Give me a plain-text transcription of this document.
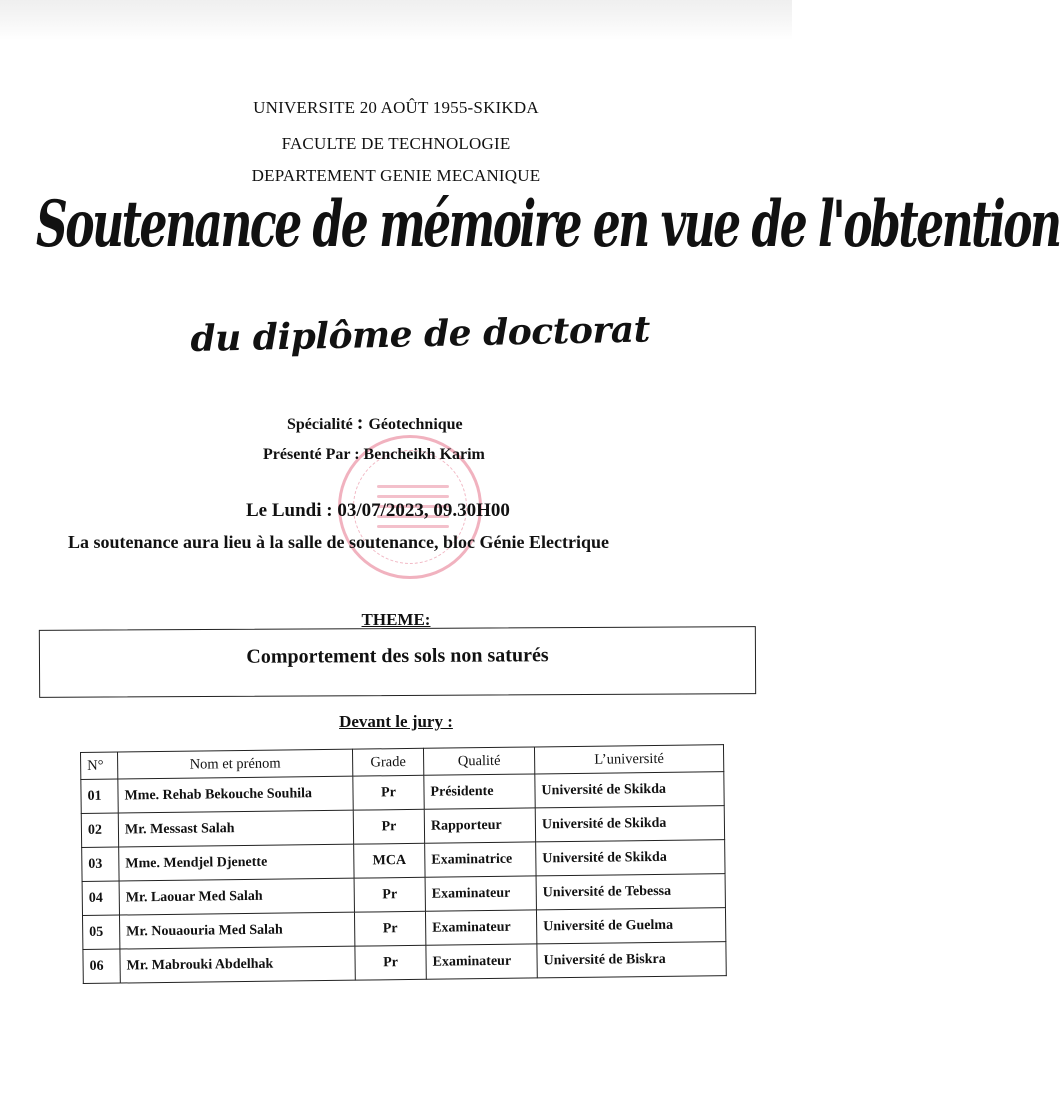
UNIVERSITE 20 AOÛT 1955-SKIKDA
FACULTE DE TECHNOLOGIE
DEPARTEMENT GENIE MECANIQUE
Soutenance de mémoire en vue de l'obtention
du diplôme de doctorat
Spécialité : Géotechnique
Présenté Par : Bencheikh Karim
Le Lundi : 03/07/2023, 09.30H00
La soutenance aura lieu à la salle de soutenance, bloc Génie Electrique
THEME:
Comportement des sols non saturés
Devant le jury :
N°	Nom et prénom	Grade	Qualité	L’université
01	Mme. Rehab Bekouche Souhila	Pr	Présidente	Université de Skikda
02	Mr. Messast Salah	Pr	Rapporteur	Université de Skikda
03	Mme. Mendjel Djenette	MCA	Examinatrice	Université de Skikda
04	Mr. Laouar Med Salah	Pr	Examinateur	Université de Tebessa
05	Mr. Nouaouria Med Salah	Pr	Examinateur	Université de Guelma
06	Mr. Mabrouki Abdelhak	Pr	Examinateur	Université de Biskra
